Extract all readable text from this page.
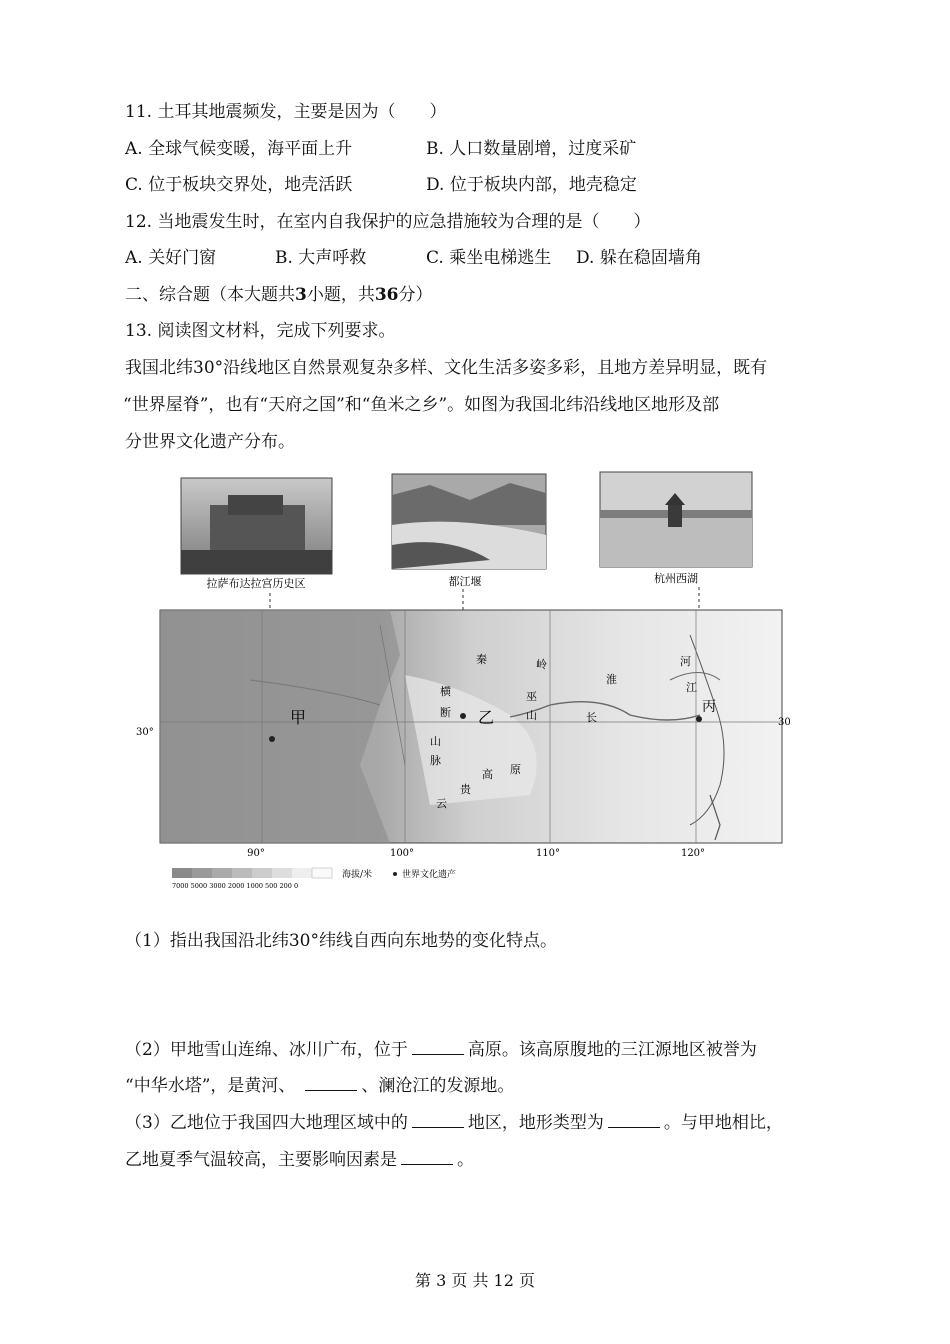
11. 土耳其地震频发，主要是因为（　　）
A. 全球气候变暖，海平面上升	B. 人口数量剧增，过度采矿
C. 位于板块交界处，地壳活跃	D. 位于板块内部，地壳稳定
12. 当地震发生时，在室内自我保护的应急措施较为合理的是（　　）
A. 关好门窗	B. 大声呼救	C. 乘坐电梯逃生 D. 躲在稳固墙角
二、综合题（本大题共3小题，共36分）
13. 阅读图文材料，完成下列要求。
我国北纬30°沿线地区自然景观复杂多样、文化生活多姿多彩，且地方差异明显，既有
“世界屋脊”，也有“天府之国”和“鱼米之乡”。如图为我国北纬沿线地区地形及部
分世界文化遗产分布。
拉萨布达拉宫历史区	都江堰	杭州西湖
30°
30
90°	100°	110°	120°
甲	乙
丙
秦	岭
淮
河
横
断
山
脉
巫
山	长
江
云
贵
高 原
7000 5000 3000 2000 1000 500 200 0
海拔/米	世界文化遗产
（1）指出我国沿北纬30°纬线自西向东地势的变化特点。
（2）甲地雪山连绵、冰川广布，位于	高原。该高原腹地的三江源地区被誉为
“中华水塔”，是黄河、	、澜沧江的发源地。
（3）乙地位于我国四大地理区域中的	地区，地形类型为	。与甲地相比，
乙地夏季气温较高，主要影响因素是	。
第 3 页 共 12 页
